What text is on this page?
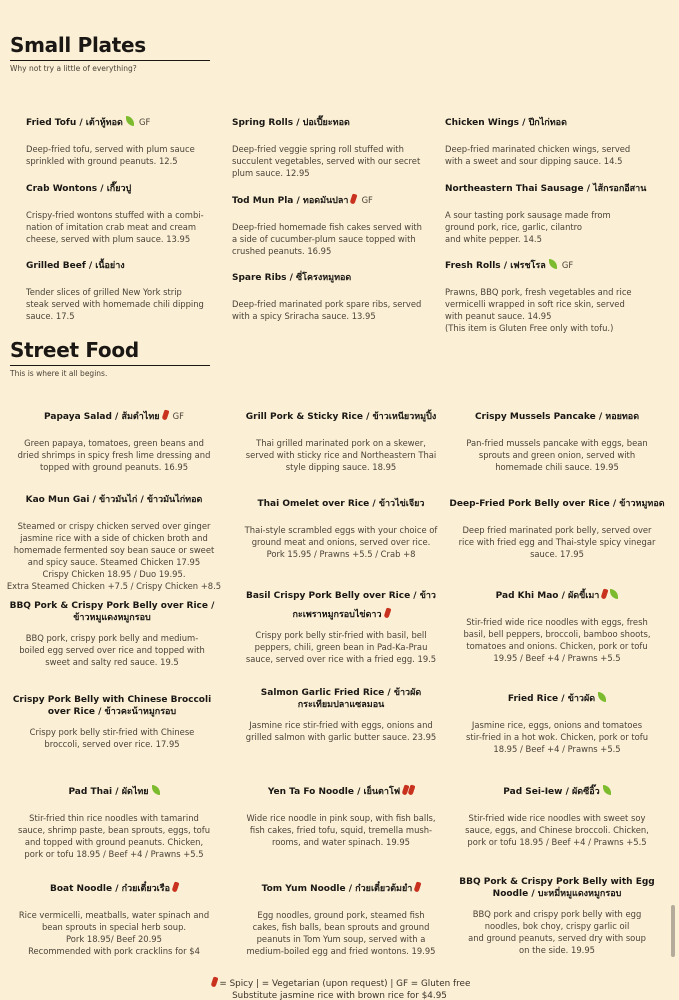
Small Plates
Why not try a little of everything?
Fried Tofu / เต้าหู้ทอด GF
Deep-fried tofu, served with plum sauce
sprinkled with ground peanuts. 12.5
Crab Wontons / เกี๊ยวปู
Crispy-fried wontons stuffed with a combi-
nation of imitation crab meat and cream
cheese, served with plum sauce. 13.95
Grilled Beef / เนื้อย่าง
Tender slices of grilled New York strip
steak served with homemade chili dipping
sauce. 17.5
Spring Rolls / ปอเปี๊ยะทอด
Deep-fried veggie spring roll stuffed with
succulent vegetables, served with our secret
plum sauce. 12.95
Tod Mun Pla / ทอดมันปลา GF
Deep-fried homemade fish cakes served with
a side of cucumber-plum sauce topped with
crushed peanuts. 16.95
Spare Ribs / ซี่โครงหมูทอด
Deep-fried marinated pork spare ribs, served
with a spicy Sriracha sauce. 13.95
Chicken Wings / ปีกไก่ทอด
Deep-fried marinated chicken wings, served
with a sweet and sour dipping sauce. 14.5
Northeastern Thai Sausage / ไส้กรอกอีสาน
A sour tasting pork sausage made from
ground pork, rice, garlic, cilantro
and white pepper. 14.5
Fresh Rolls / เฟรชโรล GF
Prawns, BBQ pork, fresh vegetables and rice
vermicelli wrapped in soft rice skin, served
with peanut sauce. 14.95
(This item is Gluten Free only with tofu.)
Street Food
This is where it all begins.
Papaya Salad / ส้มตำไทย GF
Green papaya, tomatoes, green beans and
dried shrimps in spicy fresh lime dressing and
topped with ground peanuts. 16.95
Kao Mun Gai / ข้าวมันไก่ / ข้าวมันไก่ทอด
Steamed or crispy chicken served over ginger
jasmine rice with a side of chicken broth and
homemade fermented soy bean sauce or sweet
and spicy sauce. Steamed Chicken 17.95
Crispy Chicken 18.95 / Duo 19.95.
Extra Steamed Chicken +7.5 / Crispy Chicken +8.5
BBQ Pork & Crispy Pork Belly over Rice / ข้าวหมูแดงหมูกรอบ
BBQ pork, crispy pork belly and medium-
boiled egg served over rice and topped with
sweet and salty red sauce. 19.5
Crispy Pork Belly with Chinese Broccoli over Rice / ข้าวคะน้าหมูกรอบ
Crispy pork belly stir-fried with Chinese
broccoli, served over rice. 17.95
Pad Thai / ผัดไทย
Stir-fried thin rice noodles with tamarind
sauce, shrimp paste, bean sprouts, eggs, tofu
and topped with ground peanuts. Chicken,
pork or tofu 18.95 / Beef +4 / Prawns +5.5
Boat Noodle / ก๋วยเตี๋ยวเรือ
Rice vermicelli, meatballs, water spinach and
bean sprouts in special herb soup.
Pork 18.95/ Beef 20.95
Recommended with pork cracklins for $4
Grill Pork & Sticky Rice / ข้าวเหนียวหมูปิ้ง
Thai grilled marinated pork on a skewer,
served with sticky rice and Northeastern Thai
style dipping sauce. 18.95
Thai Omelet over Rice / ข้าวไข่เจียว
Thai-style scrambled eggs with your choice of
ground meat and onions, served over rice.
Pork 15.95 / Prawns +5.5 / Crab +8
Basil Crispy Pork Belly over Rice / ข้าวกะเพราหมูกรอบไข่ดาว
Crispy pork belly stir-fried with basil, bell
peppers, chili, green bean in Pad-Ka-Prau
sauce, served over rice with a fried egg. 19.5
Salmon Garlic Fried Rice / ข้าวผัดกระเทียมปลาแซลมอน
Jasmine rice stir-fried with eggs, onions and
grilled salmon with garlic butter sauce. 23.95
Yen Ta Fo Noodle / เย็นตาโฟ
Wide rice noodle in pink soup, with fish balls,
fish cakes, fried tofu, squid, tremella mush-
rooms, and water spinach. 19.95
Tom Yum Noodle / ก๋วยเตี๋ยวต้มยำ
Egg noodles, ground pork, steamed fish
cakes, fish balls, bean sprouts and ground
peanuts in Tom Yum soup, served with a
medium-boiled egg and fried wontons. 19.95
Crispy Mussels Pancake / หอยทอด
Pan-fried mussels pancake with eggs, bean
sprouts and green onion, served with
homemade chili sauce. 19.95
Deep-Fried Pork Belly over Rice / ข้าวหมูทอด
Deep fried marinated pork belly, served over
rice with fried egg and Thai-style spicy vinegar
sauce. 17.95
Pad Khi Mao / ผัดขี้เมา
Stir-fried wide rice noodles with eggs, fresh
basil, bell peppers, broccoli, bamboo shoots,
tomatoes and onions. Chicken, pork or tofu
19.95 / Beef +4 / Prawns +5.5
Fried Rice / ข้าวผัด
Jasmine rice, eggs, onions and tomatoes
stir-fried in a hot wok. Chicken, pork or tofu
18.95 / Beef +4 / Prawns +5.5
Pad Sei-Iew / ผัดซีอิ๊ว
Stir-fried wide rice noodles with sweet soy
sauce, eggs, and Chinese broccoli. Chicken,
pork or tofu 18.95 / Beef +4 / Prawns +5.5
BBQ Pork & Crispy Pork Belly with Egg Noodle / บะหมี่หมูแดงหมูกรอบ
BBQ pork and crispy pork belly with egg
noodles, bok choy, crispy garlic oil
and ground peanuts, served dry with soup
on the side. 19.95
= Spicy | = Vegetarian (upon request) | GF = Gluten free
Substitute jasmine rice with brown rice for $4.95
